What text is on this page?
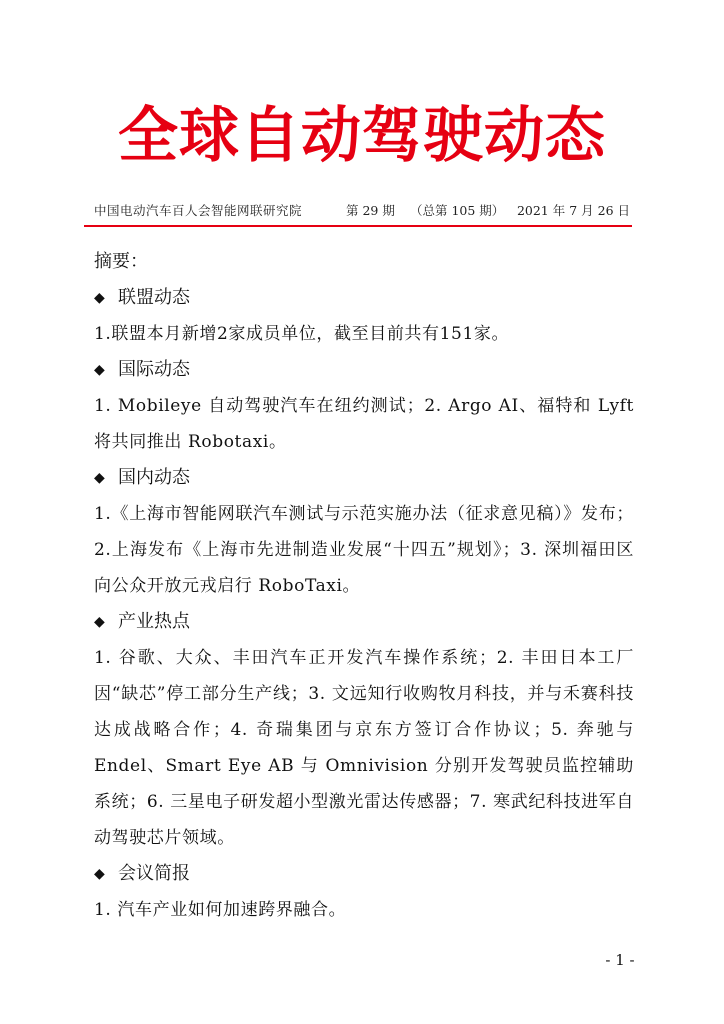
全球自动驾驶动态
中国电动汽车百人会智能网联研究院	第 29 期 （总第 105 期） 2021 年 7 月 26 日

摘要：

◆ 联盟动态

1.联盟本月新增2家成员单位，截至目前共有151家。

◆ 国际动态

1. Mobileye 自动驾驶汽车在纽约测试；2. Argo AI、福特和 Lyft 将共同推出 Robotaxi。

◆ 国内动态

1.《上海市智能网联汽车测试与示范实施办法（征求意见稿）》发布；2.上海发布《上海市先进制造业发展“十四五”规划》；3. 深圳福田区向公众开放元戎启行 RoboTaxi。

◆ 产业热点

1. 谷歌、大众、丰田汽车正开发汽车操作系统；2. 丰田日本工厂因“缺芯”停工部分生产线；3. 文远知行收购牧月科技，并与禾赛科技达成战略合作；4. 奇瑞集团与京东方签订合作协议；5. 奔驰与 Endel、Smart Eye AB 与 Omnivision 分别开发驾驶员监控辅助系统；6. 三星电子研发超小型激光雷达传感器；7. 寒武纪科技进军自动驾驶芯片领域。

◆ 会议简报

1. 汽车产业如何加速跨界融合。

- 1 -
